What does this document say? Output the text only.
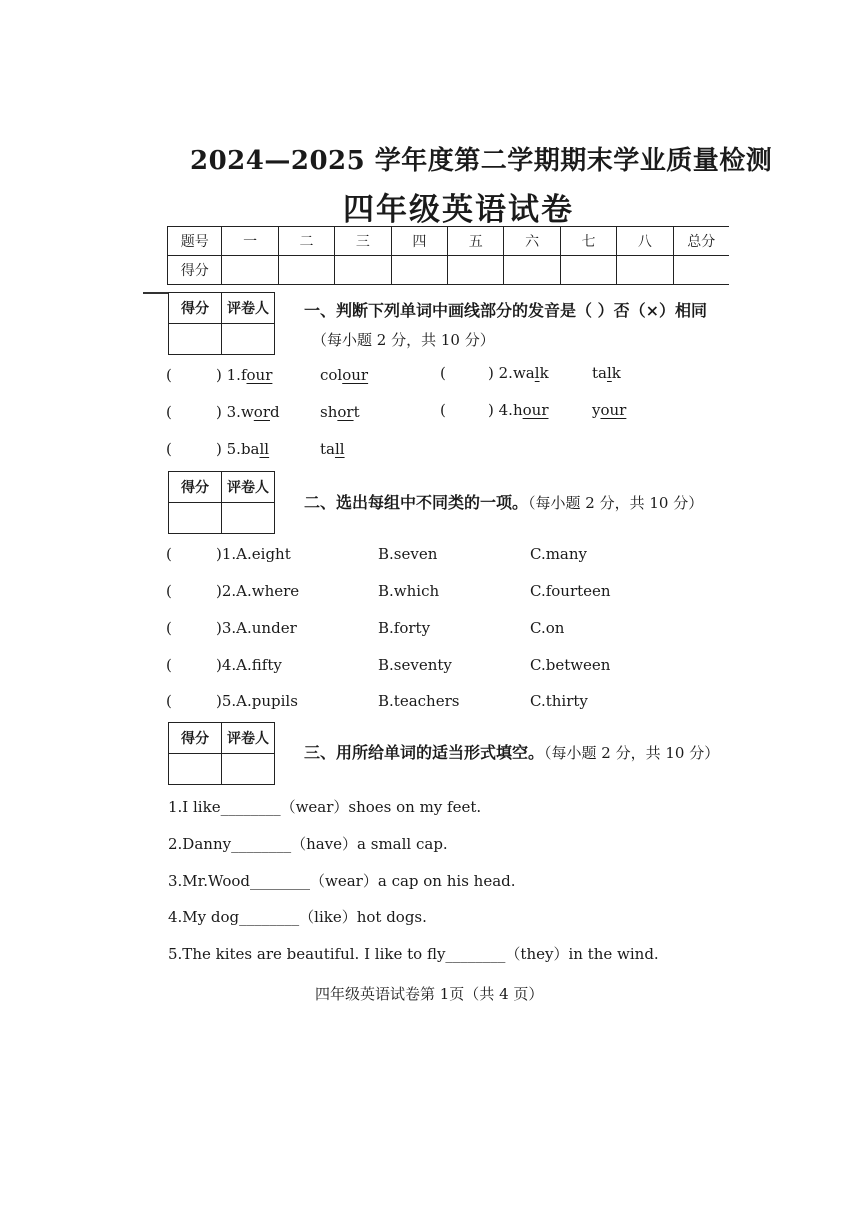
2024—2025 学年度第二学期期末学业质量检测
四年级英语试卷
题号	一	二	三	四	五	六	七	八	总分
得分									
得分	评卷人
	一、判断下列单词中画线部分的发音是（ ）否（×）相同
（每小题 2 分，共 10 分）
(	) 1.four	colour	(	) 2.walk	talk
(	) 3.word	short	(	) 4.hour	your
(	) 5.ball	tall
得分	评卷人

二、选出每组中不同类的一项。（每小题 2 分，共 10 分）
(	)1.A.eight	B.seven	C.many
(	)2.A.where	B.which	C.fourteen
(	)3.A.under	B.forty	C.on
(	)4.A.fifty	B.seventy	C.between
(	)5.A.pupils	B.teachers	C.thirty
得分	评卷人

三、用所给单词的适当形式填空。（每小题 2 分，共 10 分）
1.I like________（wear）shoes on my feet.
2.Danny________（have）a small cap.
3.Mr.Wood________（wear）a cap on his head.
4.My dog________（like）hot dogs.
5.The kites are beautiful. I like to fly________（they）in the wind.
四年级英语试卷第 1页（共 4 页）
